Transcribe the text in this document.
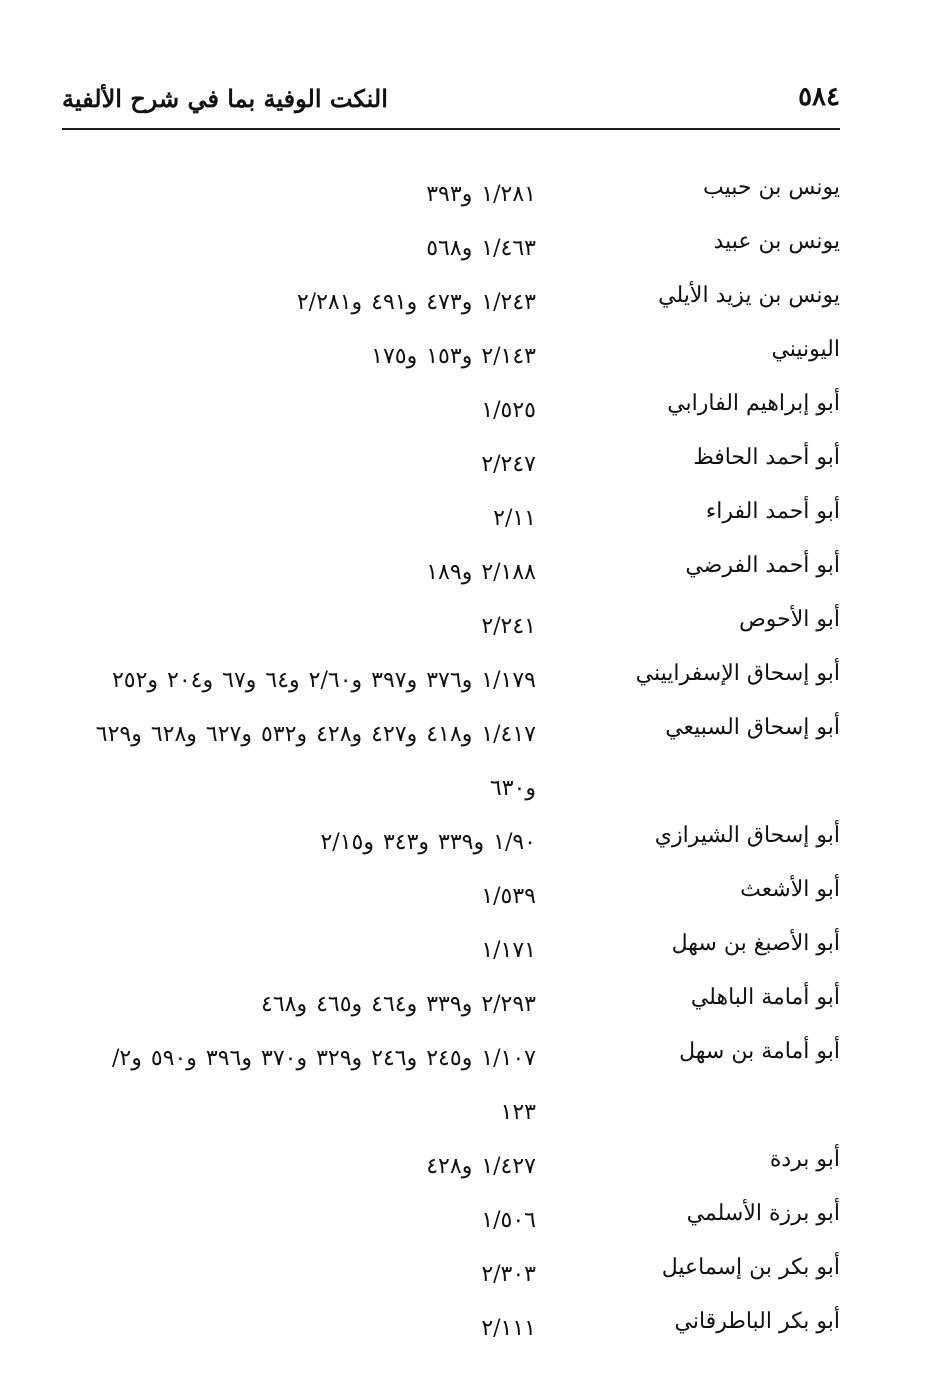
٥٨٤
النكت الوفية بما في شرح الألفية
يونس بن حبيب
١/٢٨١ و٣٩٣
يونس بن عبيد
١/٤٦٣ و٥٦٨
يونس بن يزيد الأيلي
١/٢٤٣ و٤٧٣ و٤٩١ و٢/٢٨١
اليونيني
٢/١٤٣ و١٥٣ و١٧٥
أبو إبراهيم الفارابي
١/٥٢٥
أبو أحمد الحافظ
٢/٢٤٧
أبو أحمد الفراء
٢/١١
أبو أحمد الفرضي
٢/١٨٨ و١٨٩
أبو الأحوص
٢/٢٤١
أبو إسحاق الإسفراييني
١/١٧٩ و٣٧٦ و٣٩٧ و٢/٦٠ و٦٤ و٦٧ و٢٠٤ و٢٥٢
أبو إسحاق السبيعي
١/٤١٧ و٤١٨ و٤٢٧ و٤٢٨ و٥٣٢ و٦٢٧ و٦٢٨ و٦٢٩
و٦٣٠
أبو إسحاق الشيرازي
١/٩٠ و٣٣٩ و٣٤٣ و٢/١٥
أبو الأشعث
١/٥٣٩
أبو الأصبغ بن سهل
١/١٧١
أبو أمامة الباهلي
٢/٢٩٣ و٣٣٩ و٤٦٤ و٤٦٥ و٤٦٨
أبو أمامة بن سهل
١/١٠٧ و٢٤٥ و٢٤٦ و٣٢٩ و٣٧٠ و٣٩٦ و٥٩٠ و٢/
١٢٣
أبو بردة
١/٤٢٧ و٤٢٨
أبو برزة الأسلمي
١/٥٠٦
أبو بكر بن إسماعيل
٢/٣٠٣
أبو بكر الباطرقاني
٢/١١١
